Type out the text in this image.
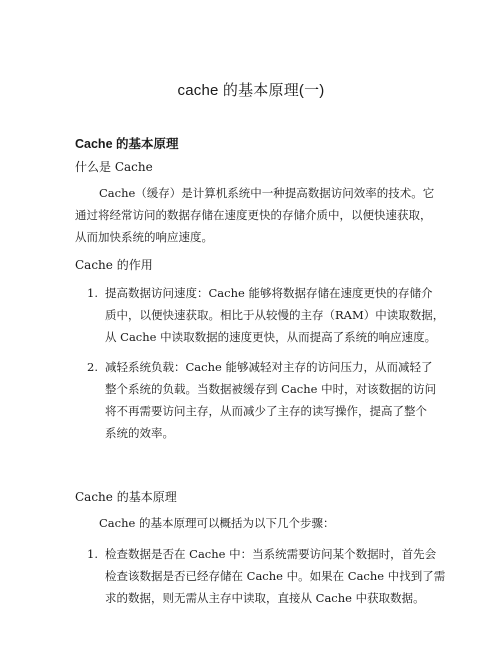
cache 的基本原理(一)
Cache 的基本原理
什么是 Cache
Cache（缓存）是计算机系统中一种提高数据访问效率的技术。它
通过将经常访问的数据存储在速度更快的存储介质中，以便快速获取，
从而加快系统的响应速度。
Cache 的作用
1. 提高数据访问速度：Cache 能够将数据存储在速度更快的存储介
质中，以便快速获取。相比于从较慢的主存（RAM）中读取数据，
从 Cache 中读取数据的速度更快，从而提高了系统的响应速度。
2. 减轻系统负载：Cache 能够减轻对主存的访问压力，从而减轻了
整个系统的负载。当数据被缓存到 Cache 中时，对该数据的访问
将不再需要访问主存，从而减少了主存的读写操作，提高了整个
系统的效率。
Cache 的基本原理
Cache 的基本原理可以概括为以下几个步骤：
1. 检查数据是否在 Cache 中：当系统需要访问某个数据时，首先会
检查该数据是否已经存储在 Cache 中。如果在 Cache 中找到了需
求的数据，则无需从主存中读取，直接从 Cache 中获取数据。
